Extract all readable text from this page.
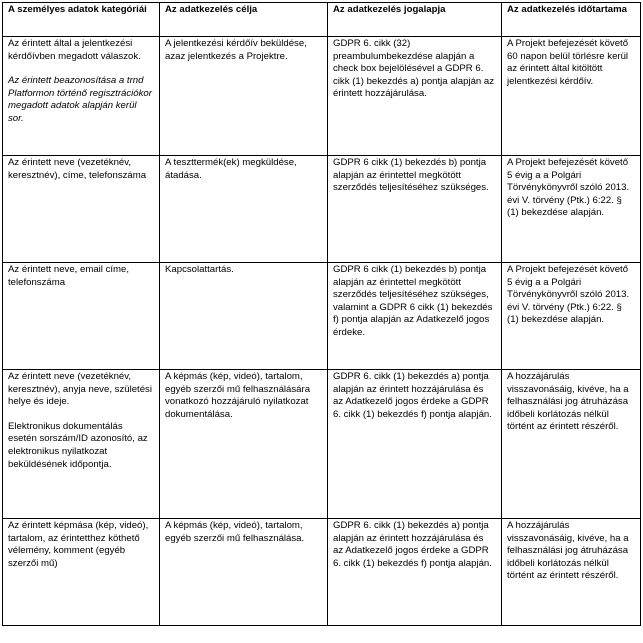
A személyes adatok kategóriái	Az adatkezelés célja	Az adatkezelés jogalapja	Az adatkezelés időtartama

Az érintett által a jelentkezési kérdőívben megadott válaszok.

Az érintett beazonosítása a trnd Platformon történő regisztrációkor megadott adatok alapján kerül sor.	A jelentkezési kérdőív beküldése, azaz jelentkezés a Projektre.	GDPR 6. cikk (32) preambulumbekezdése alapján a check box bejelölésével a GDPR 6. cikk (1) bekezdés a) pontja alapján az érintett hozzájárulása.	A Projekt befejezését követő 60 napon belül törlésre kerül az érintett által kitöltött jelentkezési kérdőív.
Az érintett neve (vezetéknév, keresztnév), címe, telefonszáma	A teszttermék(ek) megküldése, átadása.	GDPR 6 cikk (1) bekezdés b) pontja alapján az érintettel megkötött szerződés teljesítéséhez szükséges.	A Projekt befejezését követő 5 évig a a Polgári Törvénykönyvről szóló 2013. évi V. törvény (Ptk.) 6:22. § (1) bekezdése alapján.
Az érintett neve, email címe, telefonszáma	Kapcsolattartás.	GDPR 6 cikk (1) bekezdés b) pontja alapján az érintettel megkötött szerződés teljesítéséhez szükséges, valamint a GDPR 6 cikk (1) bekezdés f) pontja alapján az Adatkezelő jogos érdeke.	A Projekt befejezését követő 5 évig a a Polgári Törvénykönyvről szóló 2013. évi V. törvény (Ptk.) 6:22. § (1) bekezdése alapján.

Az érintett neve (vezetéknév, keresztnév), anyja neve, születési helye és ideje.

Elektronikus dokumentálás esetén sorszám/ID azonosító, az elektronikus nyilatkozat beküldésének időpontja.	A képmás (kép, videó), tartalom, egyéb szerzői mű felhasználására vonatkozó hozzájáruló nyilatkozat dokumentálása.	GDPR 6. cikk (1) bekezdés a) pontja alapján az érintett hozzájárulása és az Adatkezelő jogos érdeke a GDPR 6. cikk (1) bekezdés f) pontja alapján.	A hozzájárulás visszavonásáig, kivéve, ha a felhasználási jog átruházása időbeli korlátozás nélkül történt az érintett részéről.
Az érintett képmása (kép, videó), tartalom, az érintetthez köthető vélemény, komment (egyéb szerzői mű)	A képmás (kép, videó), tartalom, egyéb szerzői mű felhasználása.	GDPR 6. cikk (1) bekezdés a) pontja alapján az érintett hozzájárulása és az Adatkezelő jogos érdeke a GDPR 6. cikk (1) bekezdés f) pontja alapján.	A hozzájárulás visszavonásáig, kivéve, ha a felhasználási jog átruházása időbeli korlátozás nélkül történt az érintett részéről.
